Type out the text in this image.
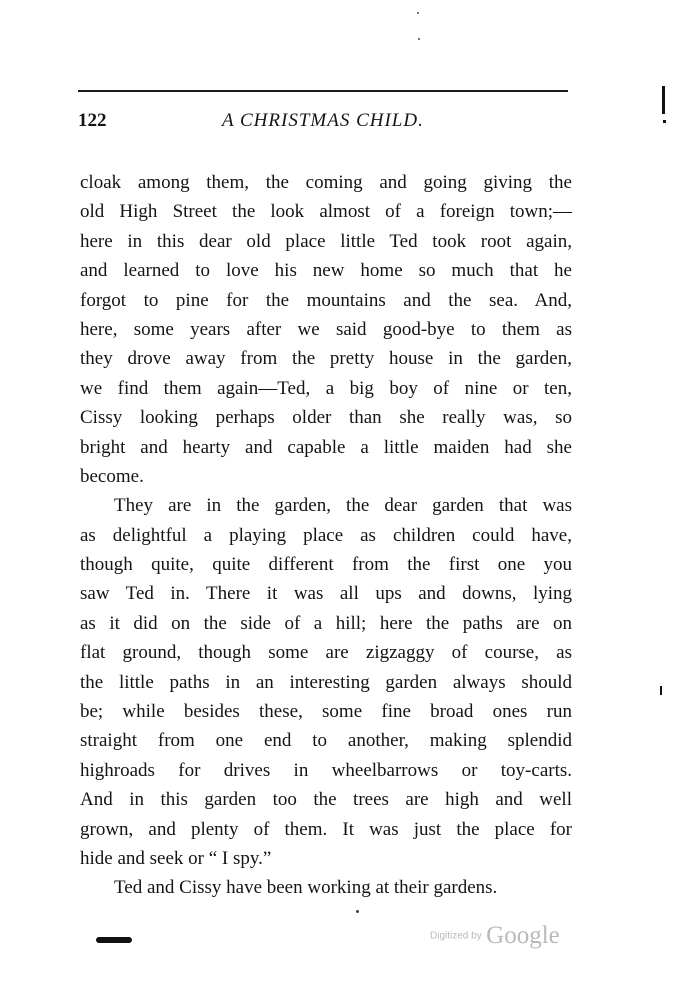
122	A CHRISTMAS CHILD.
cloak among them, the coming and going giving the
old High Street the look almost of a foreign town;—
here in this dear old place little Ted took root again,
and learned to love his new home so much that he
forgot to pine for the mountains and the sea. And,
here, some years after we said good-bye to them as
they drove away from the pretty house in the garden,
we find them again—Ted, a big boy of nine or ten,
Cissy looking perhaps older than she really was, so
bright and hearty and capable a little maiden had she
become.
They are in the garden, the dear garden that was
as delightful a playing place as children could have,
though quite, quite different from the first one you
saw Ted in. There it was all ups and downs, lying
as it did on the side of a hill; here the paths are on
flat ground, though some are zigzaggy of course, as
the little paths in an interesting garden always should
be; while besides these, some fine broad ones run
straight from one end to another, making splendid
highroads for drives in wheelbarrows or toy-carts.
And in this garden too the trees are high and well
grown, and plenty of them. It was just the place for
hide and seek or “ I spy.”
Ted and Cissy have been working at their gardens.
Digitized by Google
